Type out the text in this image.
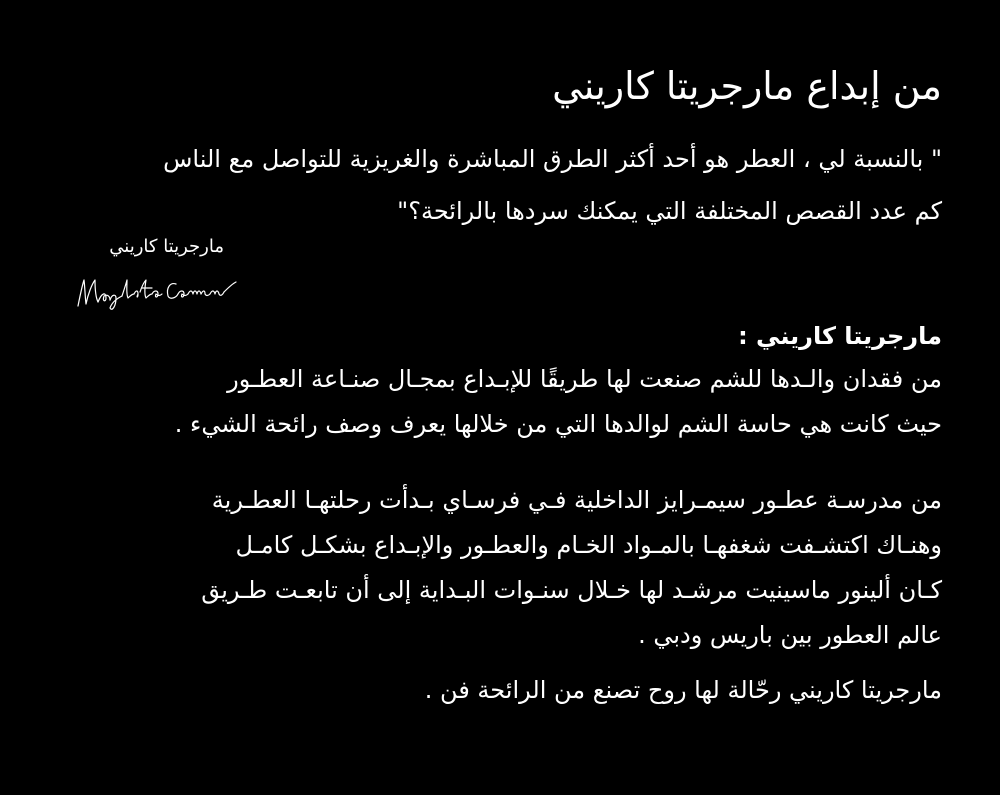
من إبداع مارجريتا كاريني

" بالنسبة لي ، العطر هو أحد أكثر الطرق المباشرة والغريزية للتواصل مع الناس
كم عدد القصص المختلفة التي يمكنك سردها بالرائحة؟"

مارجريتا كاريني
مارجريتا كاريني :

من فقدان والـدها للشم صنعت لها طريقًا للإبـداع بمجـال صنـاعة العطـور
حيث كانت هي حاسة الشم لوالدها التي من خلالها يعرف وصف رائحة الشيء .

من مدرسـة عطـور سيمـرايز الداخلية فـي فرسـاي بـدأت رحلتهـا العطـرية
وهنـاك اكتشـفت شغفهـا بالمـواد الخـام والعطـور والإبـداع بشكـل كامـل
كـان ألينور ماسينيت مرشـد لها خـلال سنـوات البـداية إلى أن تابعـت طـريق
عالم العطور بين باريس ودبي .

مارجريتا كاريني رحّالة لها روح تصنع من الرائحة فن .
